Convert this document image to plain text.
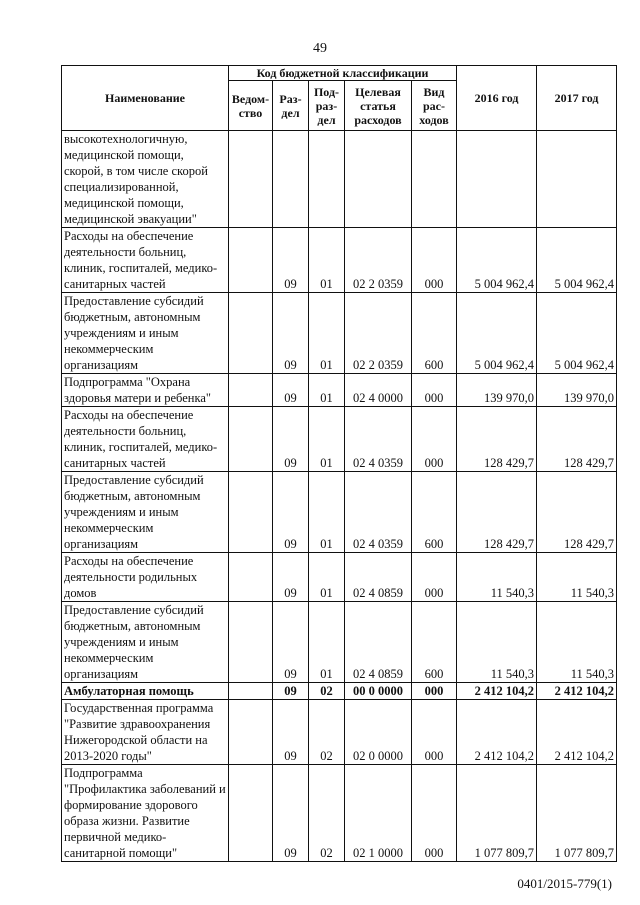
49
Наименование	Код бюджетной классификации					2016 год	2017 год
	Ведом-ство	Раз-дел	Под-раз-дел	Целевая статья расходов	Вид рас-ходов		
высокотехнологичную, медицинской помощи, скорой, в том числе скорой специализированной, медицинской помощи, медицинской эвакуации"							
Расходы на обеспечение деятельности больниц, клиник, госпиталей, медико-санитарных частей		09	01	02 2 0359	000	5 004 962,4	5 004 962,4
Предоставление субсидий бюджетным, автономным учреждениям и иным некоммерческим организациям		09	01	02 2 0359	600	5 004 962,4	5 004 962,4
Подпрограмма "Охрана здоровья матери и ребенка"		09	01	02 4 0000	000	139 970,0	139 970,0
Расходы на обеспечение деятельности больниц, клиник, госпиталей, медико-санитарных частей		09	01	02 4 0359	000	128 429,7	128 429,7
Предоставление субсидий бюджетным, автономным учреждениям и иным некоммерческим организациям		09	01	02 4 0359	600	128 429,7	128 429,7
Расходы на обеспечение деятельности родильных домов		09	01	02 4 0859	000	11 540,3	11 540,3
Предоставление субсидий бюджетным, автономным учреждениям и иным некоммерческим организациям		09	01	02 4 0859	600	11 540,3	11 540,3
Амбулаторная помощь		09	02	00 0 0000	000	2 412 104,2	2 412 104,2
Государственная программа "Развитие здравоохранения Нижегородской области на 2013-2020 годы"		09	02	02 0 0000	000	2 412 104,2	2 412 104,2
Подпрограмма "Профилактика заболеваний и формирование здорового образа жизни. Развитие первичной медико-санитарной помощи"		09	02	02 1 0000	000	1 077 809,7	1 077 809,7
0401/2015-779(1)
